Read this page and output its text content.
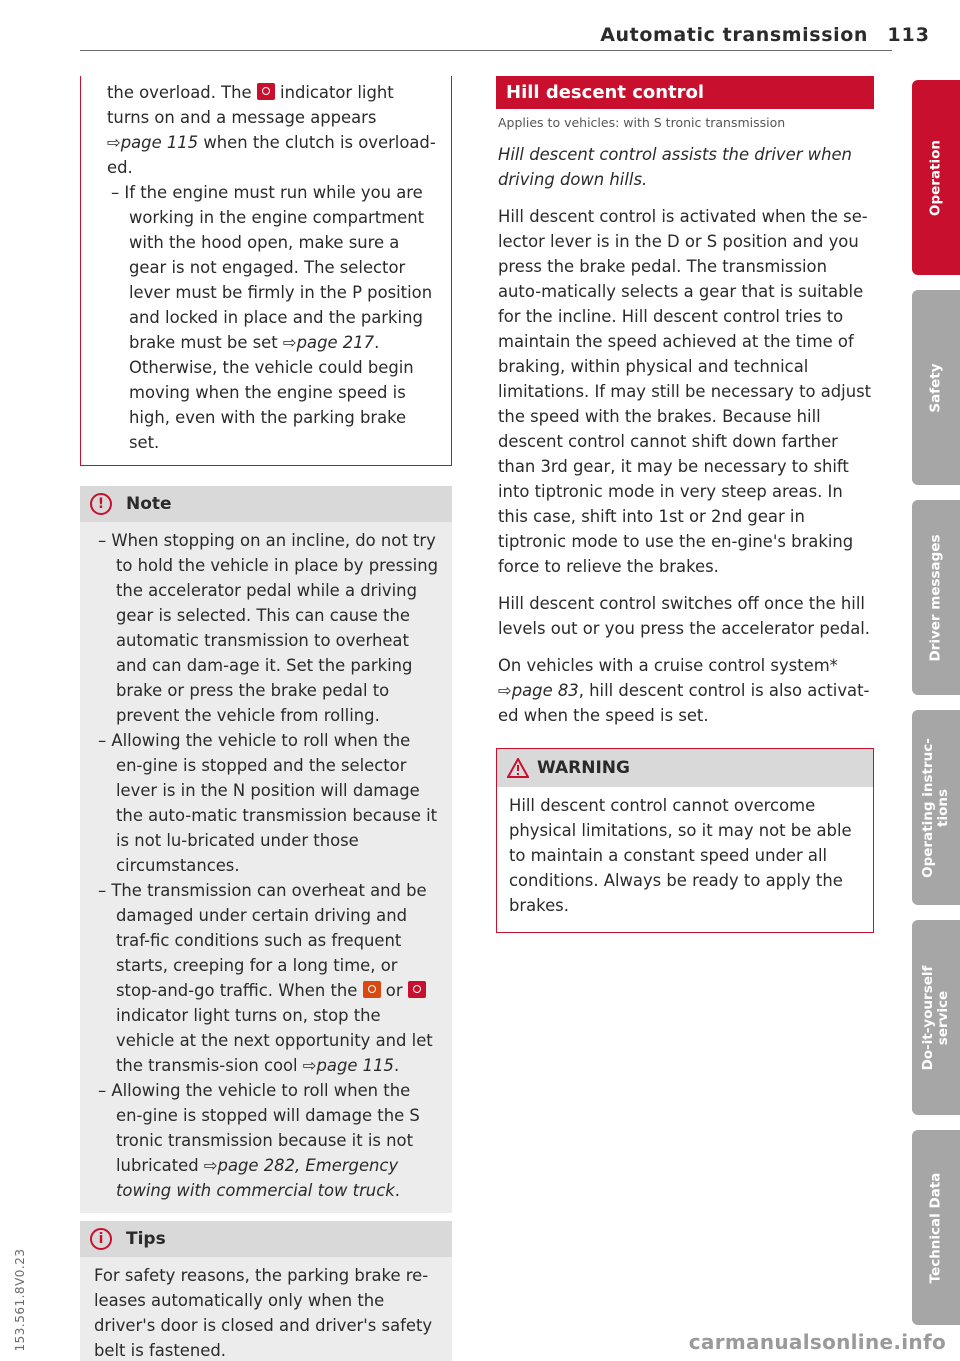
Automatic transmission 113
the overload. The  indicator light
turns on and a message appears
⇨page 115 when the clutch is overload-
ed.
– If the engine must run while you are working in the engine compartment with the hood open, make sure a gear is not engaged. The selector lever must be firmly in the P position and locked in place and the parking brake must be set ⇨page 217. Otherwise, the vehicle could begin moving when the engine speed is high, even with the parking brake set.
!	Note
– When stopping on an incline, do not try to hold the vehicle in place by pressing the accelerator pedal while a driving gear is selected. This can cause the automatic transmission to overheat and can dam-age it. Set the parking brake or press the brake pedal to prevent the vehicle from rolling.
– Allowing the vehicle to roll when the en-gine is stopped and the selector lever is in the N position will damage the auto-matic transmission because it is not lu-bricated under those circumstances.
– The transmission can overheat and be damaged under certain driving and traf-fic conditions such as frequent starts, creeping for a long time, or stop-and-go traffic. When the  or  indicator light turns on, stop the vehicle at the next opportunity and let the transmis-sion cool ⇨page 115.
– Allowing the vehicle to roll when the en-gine is stopped will damage the S tronic transmission because it is not lubricated ⇨page 282, Emergency towing with commercial tow truck.
i	Tips
For safety reasons, the parking brake re-leases automatically only when the driver's door is closed and driver's safety belt is fastened.
Hill descent control
Applies to vehicles: with S tronic transmission
Hill descent control assists the driver when driving down hills.
Hill descent control is activated when the se-lector lever is in the D or S position and you press the brake pedal. The transmission auto-matically selects a gear that is suitable for the incline. Hill descent control tries to maintain the speed achieved at the time of braking, within physical and technical limitations. If may still be necessary to adjust the speed with the brakes. Because hill descent control cannot shift down farther than 3rd gear, it may be necessary to shift into tiptronic mode in very steep areas. In this case, shift into 1st or 2nd gear in tiptronic mode to use the en-gine's braking force to relieve the brakes.
Hill descent control switches off once the hill levels out or you press the accelerator pedal.
On vehicles with a cruise control system* ⇨page 83, hill descent control is also activat-ed when the speed is set.
WARNING
Hill descent control cannot overcome physical limitations, so it may not be able to maintain a constant speed under all conditions. Always be ready to apply the brakes.
Operation
Safety
Driver messages
Operating instruc-
tions
Do-it-yourself
service
Technical Data
153.561.8V0.23	carmanualsonline.info
